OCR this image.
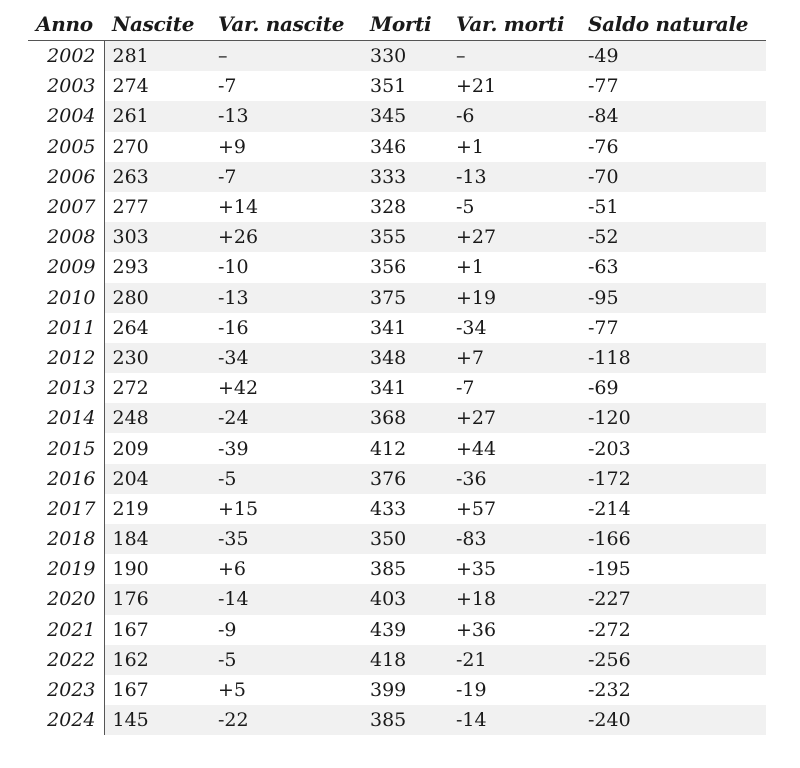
Anno	Nascite	Var. nascite	Morti	Var. morti	Saldo naturale
2002	281	–	330	–	-49
2003	274	-7	351	+21	-77
2004	261	-13	345	-6	-84
2005	270	+9	346	+1	-76
2006	263	-7	333	-13	-70
2007	277	+14	328	-5	-51
2008	303	+26	355	+27	-52
2009	293	-10	356	+1	-63
2010	280	-13	375	+19	-95
2011	264	-16	341	-34	-77
2012	230	-34	348	+7	-118
2013	272	+42	341	-7	-69
2014	248	-24	368	+27	-120
2015	209	-39	412	+44	-203
2016	204	-5	376	-36	-172
2017	219	+15	433	+57	-214
2018	184	-35	350	-83	-166
2019	190	+6	385	+35	-195
2020	176	-14	403	+18	-227
2021	167	-9	439	+36	-272
2022	162	-5	418	-21	-256
2023	167	+5	399	-19	-232
2024	145	-22	385	-14	-240
